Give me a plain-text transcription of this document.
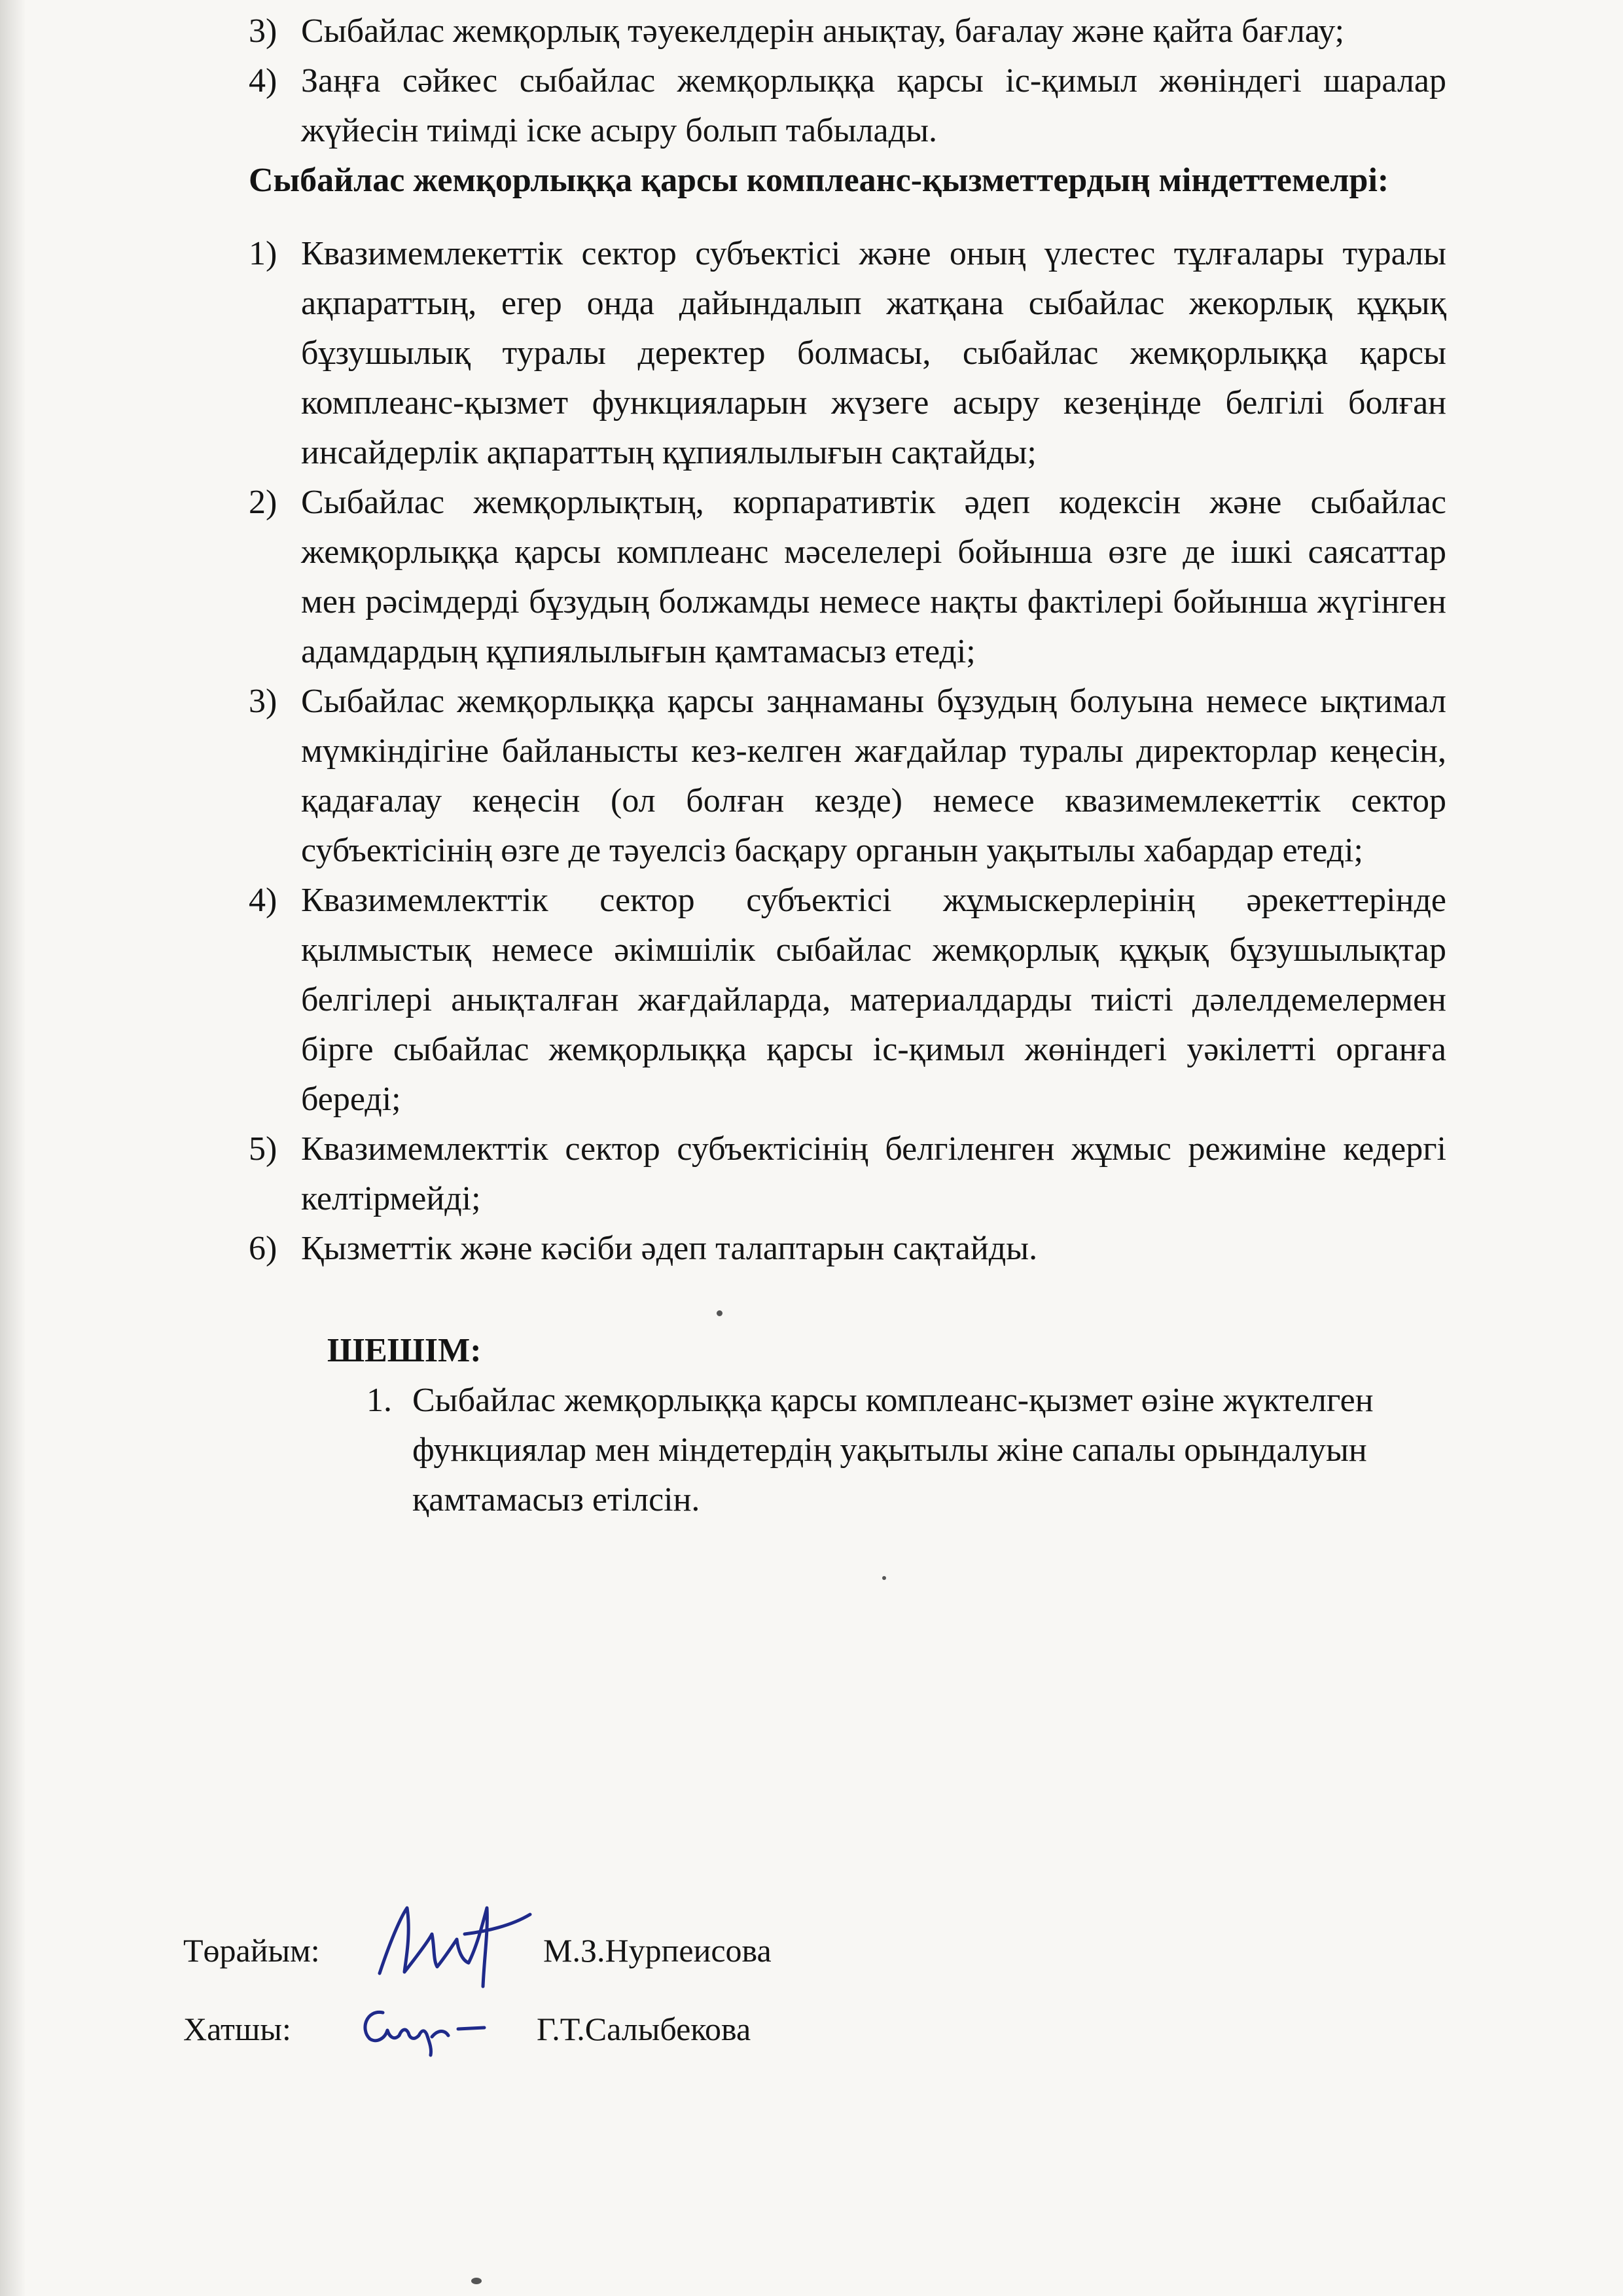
3) Сыбайлас жемқорлық тәуекелдерін анықтау, бағалау және қайта бағлау;
4) Заңға сәйкес сыбайлас жемқорлыққа қарсы іс-қимыл жөніндегі шаралар жүйесін тиімді іске асыру болып табылады.

Сыбайлас жемқорлыққа қарсы комплеанс-қызметтердың міндеттемелрі:

1) Квазимемлекеттік сектор субъектісі және оның үлестес тұлғалары туралы ақпараттың, егер онда дайындалып жатқана сыбайлас жекорлық құқық бұзушылық туралы деректер болмасы, сыбайлас жемқорлыққа қарсы комплеанс-қызмет функцияларын жүзеге асыру кезеңінде белгілі болған инсайдерлік ақпараттың құпиялылығын сақтайды;
2) Сыбайлас жемқорлықтың, корпаративтік әдеп кодексін және сыбайлас жемқорлыққа қарсы комплеанс мәселелері бойынша өзге де ішкі саясаттар мен рәсімдерді бұзудың болжамды немесе нақты фактілері бойынша жүгінген адамдардың құпиялылығын қамтамасыз етеді;
3) Сыбайлас жемқорлыққа қарсы заңнаманы бұзудың болуына немесе ықтимал мүмкіндігіне байланысты кез-келген жағдайлар туралы директорлар кеңесін, қадағалау кеңесін (ол болған кезде) немесе квазимемлекеттік сектор субъектісінің өзге де тәуелсіз басқару органын уақытылы хабардар етеді;
4) Квазимемлекттік сектор субъектісі жұмыскерлерінің әрекеттерінде қылмыстық немесе әкімшілік сыбайлас жемқорлық құқық бұзушылықтар белгілері анықталған жағдайларда, материалдарды тиісті дәлелдемелермен бірге сыбайлас жемқорлыққа қарсы іс-қимыл жөніндегі уәкілетті органға береді;
5) Квазимемлекттік сектор субъектісінің белгіленген жұмыс режиміне кедергі келтірмейді;
6) Қызметтік және кәсіби әдеп талаптарын сақтайды.

ШЕШІМ:

1. Сыбайлас жемқорлыққа қарсы комплеанс-қызмет өзіне жүктелген функциялар мен міндетердің уақытылы жіне сапалы орындалуын қамтамасыз етілсін.
Төрайым:	М.З.Нурпеисова
Хатшы:	Г.Т.Салыбекова
